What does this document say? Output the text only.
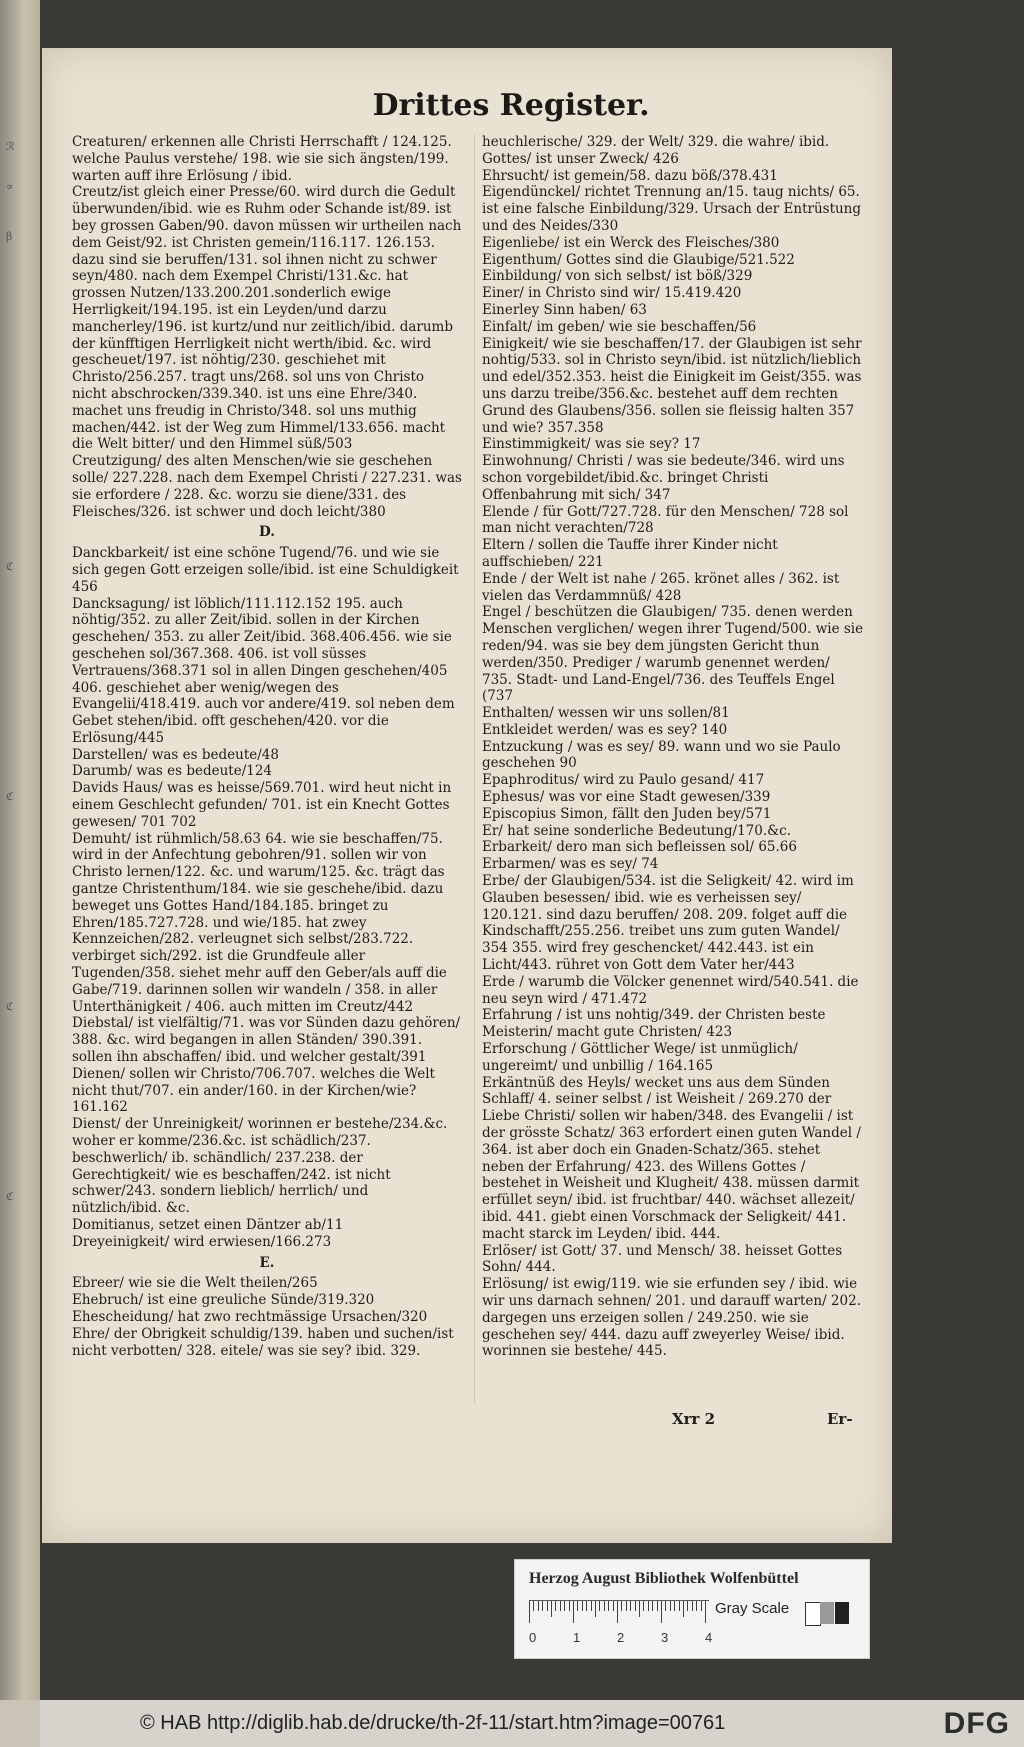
ℛ
∝
β
ℭ
ℭ
ℭ
ℭ
Drittes Register.
Creaturen/ erkennen alle Christi Herrschafft / 124.125. welche Paulus verstehe/ 198. wie sie sich ängsten/199. warten auff ihre Erlösung / ibid.
Creutz/ist gleich einer Presse/60. wird durch die Gedult überwunden/ibid. wie es Ruhm oder Schande ist/89. ist bey grossen Gaben/90. davon müssen wir urtheilen nach dem Geist/92. ist Christen gemein/116.117. 126.153. dazu sind sie beruffen/131. sol ihnen nicht zu schwer seyn/480. nach dem Exempel Christi/131.&c. hat grossen Nutzen/133.200.201.sonderlich ewige Herrligkeit/194.195. ist ein Leyden/und darzu mancherley/196. ist kurtz/und nur zeitlich/ibid. darumb der künfftigen Herrligkeit nicht werth/ibid. &c. wird gescheuet/197. ist nöhtig/230. geschiehet mit Christo/256.257. tragt uns/268. sol uns von Christo nicht abschrocken/339.340. ist uns eine Ehre/340. machet uns freudig in Christo/348. sol uns muthig machen/442. ist der Weg zum Himmel/133.656. macht die Welt bitter/ und den Himmel süß/503
Creutzigung/ des alten Menschen/wie sie geschehen solle/ 227.228. nach dem Exempel Christi / 227.231. was sie erfordere / 228. &c. worzu sie diene/331. des Fleisches/326. ist schwer und doch leicht/380
D.
Danckbarkeit/ ist eine schöne Tugend/76. und wie sie sich gegen Gott erzeigen solle/ibid. ist eine Schuldigkeit 456
Dancksagung/ ist löblich/111.112.152 195. auch nöhtig/352. zu aller Zeit/ibid. sollen in der Kirchen geschehen/ 353. zu aller Zeit/ibid. 368.406.456. wie sie geschehen sol/367.368. 406. ist voll süsses Vertrauens/368.371 sol in allen Dingen geschehen/405 406. geschiehet aber wenig/wegen des Evangelii/418.419. auch vor andere/419. sol neben dem Gebet stehen/ibid. offt geschehen/420. vor die Erlösung/445
Darstellen/ was es bedeute/48
Darumb/ was es bedeute/124
Davids Haus/ was es heisse/569.701. wird heut nicht in einem Geschlecht gefunden/ 701. ist ein Knecht Gottes gewesen/ 701 702
Demuht/ ist rühmlich/58.63 64. wie sie beschaffen/75. wird in der Anfechtung gebohren/91. sollen wir von Christo lernen/122. &c. und warum/125. &c. trägt das gantze Christenthum/184. wie sie geschehe/ibid. dazu beweget uns Gottes Hand/184.185. bringet zu Ehren/185.727.728. und wie/185. hat zwey Kennzeichen/282. verleugnet sich selbst/283.722. verbirget sich/292. ist die Grundfeule aller Tugenden/358. siehet mehr auff den Geber/als auff die Gabe/719. darinnen sollen wir wandeln / 358. in aller Unterthänigkeit / 406. auch mitten im Creutz/442
Diebstal/ ist vielfältig/71. was vor Sünden dazu gehören/ 388. &c. wird begangen in allen Ständen/ 390.391. sollen ihn abschaffen/ ibid. und welcher gestalt/391
Dienen/ sollen wir Christo/706.707. welches die Welt nicht thut/707. ein ander/160. in der Kirchen/wie? 161.162
Dienst/ der Unreinigkeit/ worinnen er bestehe/234.&c. woher er komme/236.&c. ist schädlich/237. beschwerlich/ ib. schändlich/ 237.238. der Gerechtigkeit/ wie es beschaffen/242. ist nicht schwer/243. sondern lieblich/ herrlich/ und nützlich/ibid. &c.
Domitianus, setzet einen Däntzer ab/11
Dreyeinigkeit/ wird erwiesen/166.273
E.
Ebreer/ wie sie die Welt theilen/265
Ehebruch/ ist eine greuliche Sünde/319.320
Ehescheidung/ hat zwo rechtmässige Ursachen/320
Ehre/ der Obrigkeit schuldig/139. haben und suchen/ist nicht verbotten/ 328. eitele/ was sie sey? ibid. 329.
heuchlerische/ 329. der Welt/ 329. die wahre/ ibid. Gottes/ ist unser Zweck/ 426
Ehrsucht/ ist gemein/58. dazu böß/378.431
Eigendünckel/ richtet Trennung an/15. taug nichts/ 65. ist eine falsche Einbildung/329. Ursach der Entrüstung und des Neides/330
Eigenliebe/ ist ein Werck des Fleisches/380
Eigenthum/ Gottes sind die Glaubige/521.522
Einbildung/ von sich selbst/ ist böß/329
Einer/ in Christo sind wir/ 15.419.420
Einerley Sinn haben/ 63
Einfalt/ im geben/ wie sie beschaffen/56
Einigkeit/ wie sie beschaffen/17. der Glaubigen ist sehr nohtig/533. sol in Christo seyn/ibid. ist nützlich/lieblich und edel/352.353. heist die Einigkeit im Geist/355. was uns darzu treibe/356.&c. bestehet auff dem rechten Grund des Glaubens/356. sollen sie fleissig halten 357 und wie? 357.358
Einstimmigkeit/ was sie sey? 17
Einwohnung/ Christi / was sie bedeute/346. wird uns schon vorgebildet/ibid.&c. bringet Christi Offenbahrung mit sich/ 347
Elende / für Gott/727.728. für den Menschen/ 728 sol man nicht verachten/728
Eltern / sollen die Tauffe ihrer Kinder nicht auffschieben/ 221
Ende / der Welt ist nahe / 265. krönet alles / 362. ist vielen das Verdammnüß/ 428
Engel / beschützen die Glaubigen/ 735. denen werden Menschen verglichen/ wegen ihrer Tugend/500. wie sie reden/94. was sie bey dem jüngsten Gericht thun werden/350. Prediger / warumb genennet werden/ 735. Stadt- und Land-Engel/736. des Teuffels Engel (737
Enthalten/ wessen wir uns sollen/81
Entkleidet werden/ was es sey? 140
Entzuckung / was es sey/ 89. wann und wo sie Paulo geschehen 90
Epaphroditus/ wird zu Paulo gesand/ 417
Ephesus/ was vor eine Stadt gewesen/339
Episcopius Simon, fällt den Juden bey/571
Er/ hat seine sonderliche Bedeutung/170.&c.
Erbarkeit/ dero man sich befleissen sol/ 65.66
Erbarmen/ was es sey/ 74
Erbe/ der Glaubigen/534. ist die Seligkeit/ 42. wird im Glauben besessen/ ibid. wie es verheissen sey/ 120.121. sind dazu beruffen/ 208. 209. folget auff die Kindschafft/255.256. treibet uns zum guten Wandel/ 354 355. wird frey geschencket/ 442.443. ist ein Licht/443. rühret von Gott dem Vater her/443
Erde / warumb die Völcker genennet wird/540.541. die neu seyn wird / 471.472
Erfahrung / ist uns nohtig/349. der Christen beste Meisterin/ macht gute Christen/ 423
Erforschung / Göttlicher Wege/ ist unmüglich/ ungereimt/ und unbillig / 164.165
Erkäntnüß des Heyls/ wecket uns aus dem Sünden Schlaff/ 4. seiner selbst / ist Weisheit / 269.270 der Liebe Christi/ sollen wir haben/348. des Evangelii / ist der grösste Schatz/ 363 erfordert einen guten Wandel / 364. ist aber doch ein Gnaden-Schatz/365. stehet neben der Erfahrung/ 423. des Willens Gottes / bestehet in Weisheit und Klugheit/ 438. müssen darmit erfüllet seyn/ ibid. ist fruchtbar/ 440. wächset allezeit/ ibid. 441. giebt einen Vorschmack der Seligkeit/ 441. macht starck im Leyden/ ibid. 444.
Erlöser/ ist Gott/ 37. und Mensch/ 38. heisset Gottes Sohn/ 444.
Erlösung/ ist ewig/119. wie sie erfunden sey / ibid. wie wir uns darnach sehnen/ 201. und darauff warten/ 202. dargegen uns erzeigen sollen / 249.250. wie sie geschehen sey/ 444. dazu auff zweyerley Weise/ ibid. worinnen sie bestehe/ 445.
Xrr 2	Er-
Herzog August Bibliothek Wolfenbüttel
0	1	2	3	4
Gray Scale
© HAB http://diglib.hab.de/drucke/th-2f-11/start.htm?image=00761	DFG
